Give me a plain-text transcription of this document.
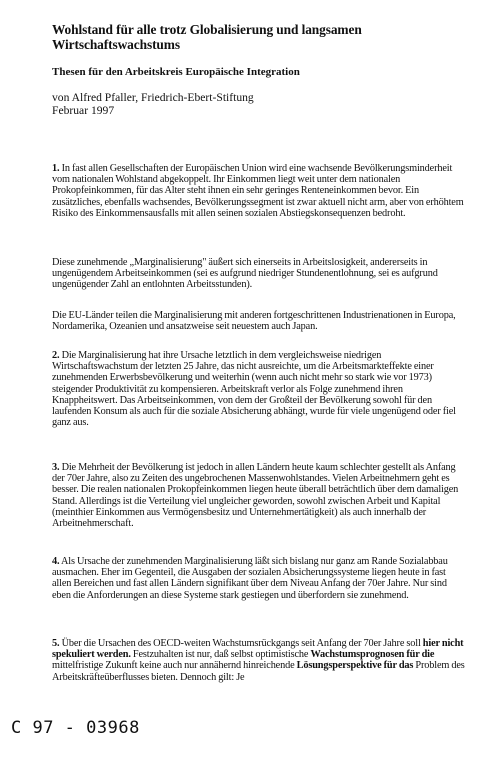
Wohlstand für alle trotz Globalisierung und langsamen
Wirtschaftswachstums
Thesen für den Arbeitskreis Europäische Integration
von Alfred Pfaller, Friedrich-Ebert-Stiftung
Februar 1997
1. In fast allen Gesellschaften der Europäischen Union wird eine wachsende Bevölkerungsminderheit vom nationalen Wohlstand abgekoppelt. Ihr Einkommen liegt weit unter dem nationalen Prokopfeinkommen, für das Alter steht ihnen ein sehr geringes Renteneinkommen bevor. Ein zusätzliches, ebenfalls wachsendes, Bevölkerungssegment ist zwar aktuell nicht arm, aber von erhöhtem Risiko des Einkommensausfalls mit allen seinen sozialen Abstiegskonsequenzen bedroht.
Diese zunehmende „Marginalisierung" äußert sich einerseits in Arbeitslosigkeit, andererseits in ungenügendem Arbeitseinkommen (sei es aufgrund niedriger Stundenentlohnung, sei es aufgrund ungenügender Zahl an entlohnten Arbeitsstunden).
Die EU-Länder teilen die Marginalisierung mit anderen fortgeschrittenen Industrienationen in Europa, Nordamerika, Ozeanien und ansatzweise seit neuestem auch Japan.
2. Die Marginalisierung hat ihre Ursache letztlich in dem vergleichsweise niedrigen Wirtschaftswachstum der letzten 25 Jahre, das nicht ausreichte, um die Arbeitsmarkteffekte einer zunehmenden Erwerbsbevölkerung und weiterhin (wenn auch nicht mehr so stark wie vor 1973) steigender Produktivität zu kompensieren. Arbeitskraft verlor als Folge zunehmend ihren Knappheitswert. Das Arbeitseinkommen, von dem der Großteil der Bevölkerung sowohl für den laufenden Konsum als auch für die soziale Absicherung abhängt, wurde für viele ungenügend oder fiel ganz aus.
3. Die Mehrheit der Bevölkerung ist jedoch in allen Ländern heute kaum schlechter gestellt als Anfang der 70er Jahre, also zu Zeiten des ungebrochenen Massenwohlstandes. Vielen Arbeitnehmern geht es besser. Die realen nationalen Prokopfeinkommen liegen heute überall beträchtlich über dem damaligen Stand. Allerdings ist die Verteilung viel ungleicher geworden, sowohl zwischen Arbeit und Kapital (meinthier Einkommen aus Vermögensbesitz und Unternehmertätigkeit) als auch innerhalb der Arbeitnehmerschaft.
4. Als Ursache der zunehmenden Marginalisierung läßt sich bislang nur ganz am Rande Sozialabbau ausmachen. Eher im Gegenteil, die Ausgaben der sozialen Absicherungssysteme liegen heute in fast allen Bereichen und fast allen Ländern signifikant über dem Niveau Anfang der 70er Jahre. Nur sind eben die Anforderungen an diese Systeme stark gestiegen und überfordern sie zunehmend.
5. Über die Ursachen des OECD-weiten Wachstumsrückgangs seit Anfang der 70er Jahre soll hier nicht spekuliert werden. Festzuhalten ist nur, daß selbst optimistische Wachstumsprognosen für die mittelfristige Zukunft keine auch nur annähernd hinreichende Lösungsperspektive für das Problem des Arbeitskräfteüberflusses bieten. Dennoch gilt: Je
C 97 - 03968
